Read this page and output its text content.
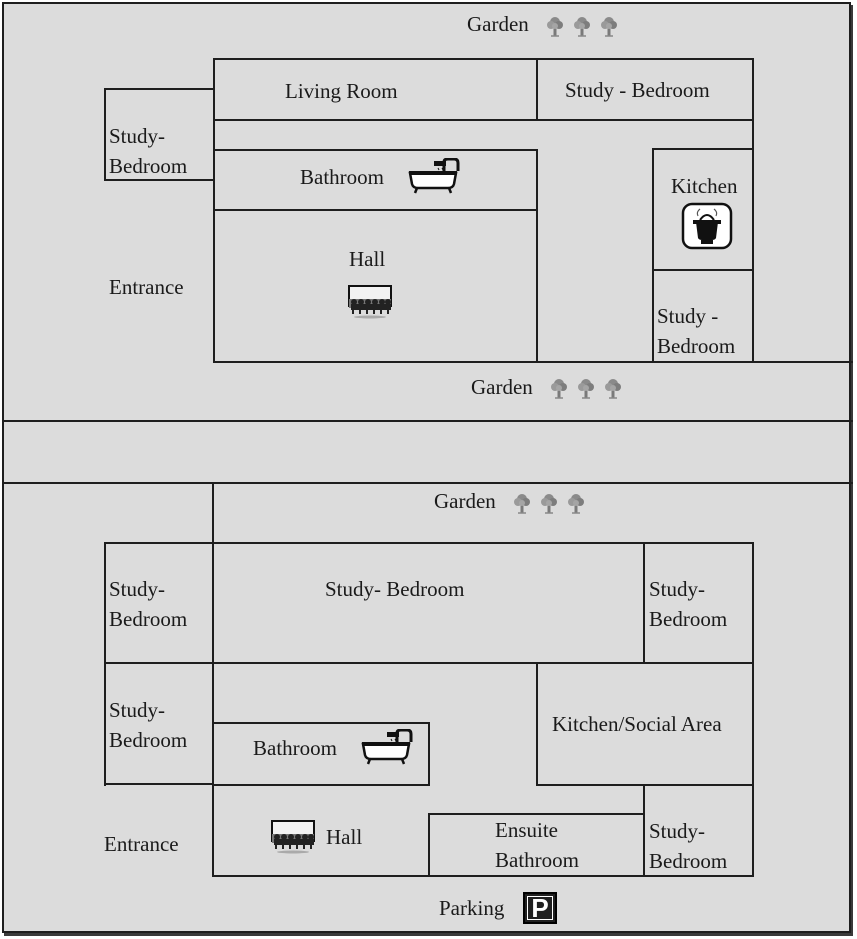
Garden
Living Room	Study - Bedroom
Study-
Bedroom	Bathroom	Kitchen
Hall
Entrance
Study -
Bedroom
Garden
Garden
Study-
Bedroom
Study- Bedroom	Study-
Bedroom
Study-
Bedroom	Bathroom
Kitchen/Social Area
Entrance	Hall	Ensuite
Bathroom
Study-
Bedroom
Parking P
